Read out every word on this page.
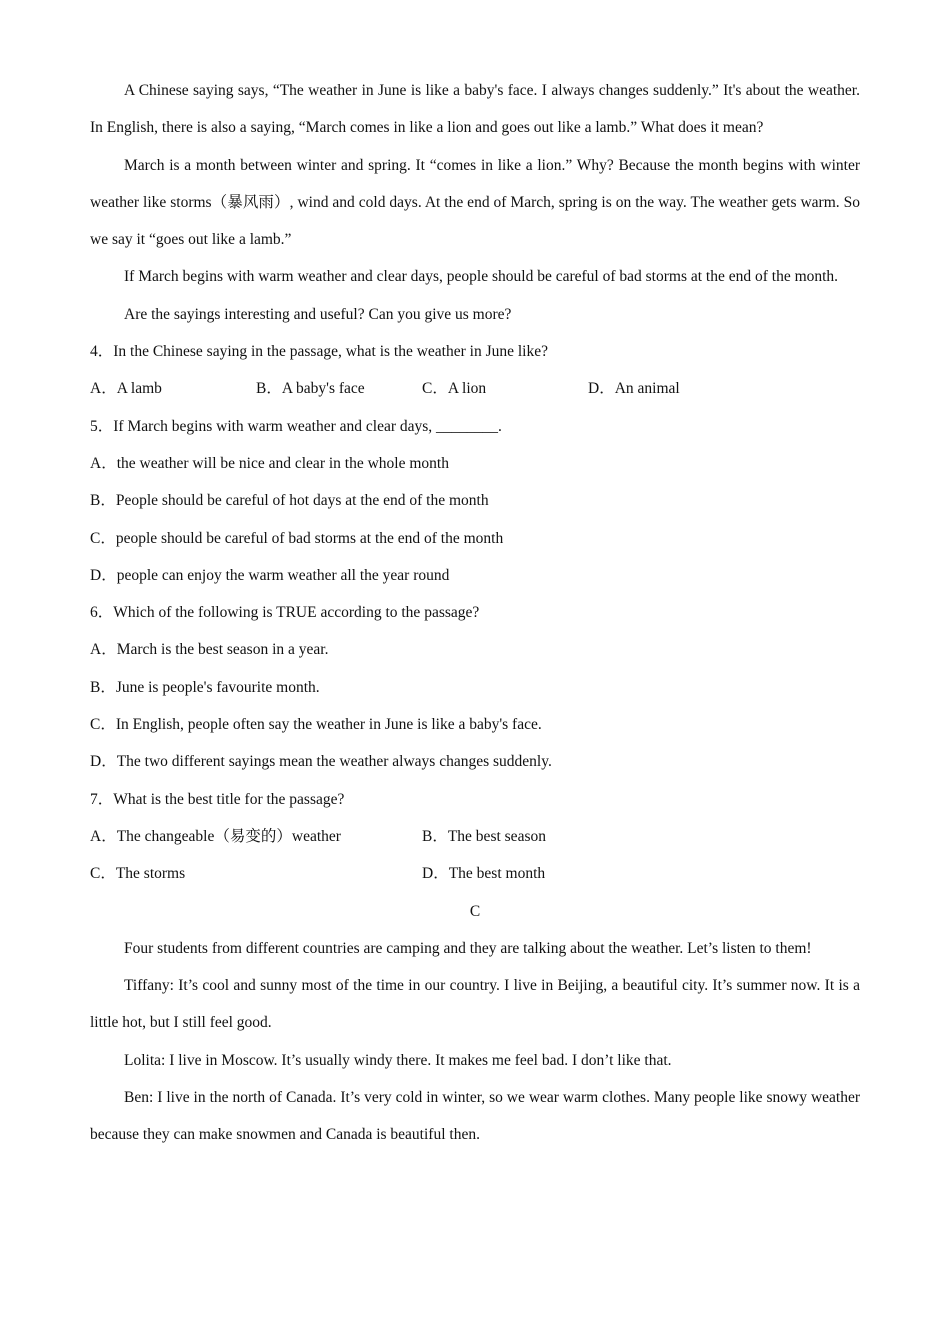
A Chinese saying says, “The weather in June is like a baby's face. I always changes suddenly.” It's about the weather. In English, there is also a saying, “March comes in like a lion and goes out like a lamb.” What does it mean?
March is a month between winter and spring. It “comes in like a lion.” Why? Because the month begins with winter weather like storms（暴风雨）, wind and cold days. At the end of March, spring is on the way. The weather gets warm. So we say it “goes out like a lamb.”
If March begins with warm weather and clear days, people should be careful of bad storms at the end of the month.
Are the sayings interesting and useful? Can you give us more?
4．In the Chinese saying in the passage, what is the weather in June like?
A．A lamb	B．A baby's face	C．A lion	D．An animal
5．If March begins with warm weather and clear days, ________.
A．the weather will be nice and clear in the whole month
B．People should be careful of hot days at the end of the month
C．people should be careful of bad storms at the end of the month
D．people can enjoy the warm weather all the year round
6．Which of the following is TRUE according to the passage?
A．March is the best season in a year.
B．June is people's favourite month.
C．In English, people often say the weather in June is like a baby's face.
D．The two different sayings mean the weather always changes suddenly.
7．What is the best title for the passage?
A．The changeable（易变的）weather	B．The best season
C．The storms	D．The best month
C
Four students from different countries are camping and they are talking about the weather. Let’s listen to them!
Tiffany: It’s cool and sunny most of the time in our country. I live in Beijing, a beautiful city. It’s summer now. It is a little hot, but I still feel good.
Lolita: I live in Moscow. It’s usually windy there. It makes me feel bad. I don’t like that.
Ben: I live in the north of Canada. It’s very cold in winter, so we wear warm clothes. Many people like snowy weather because they can make snowmen and Canada is beautiful then.
